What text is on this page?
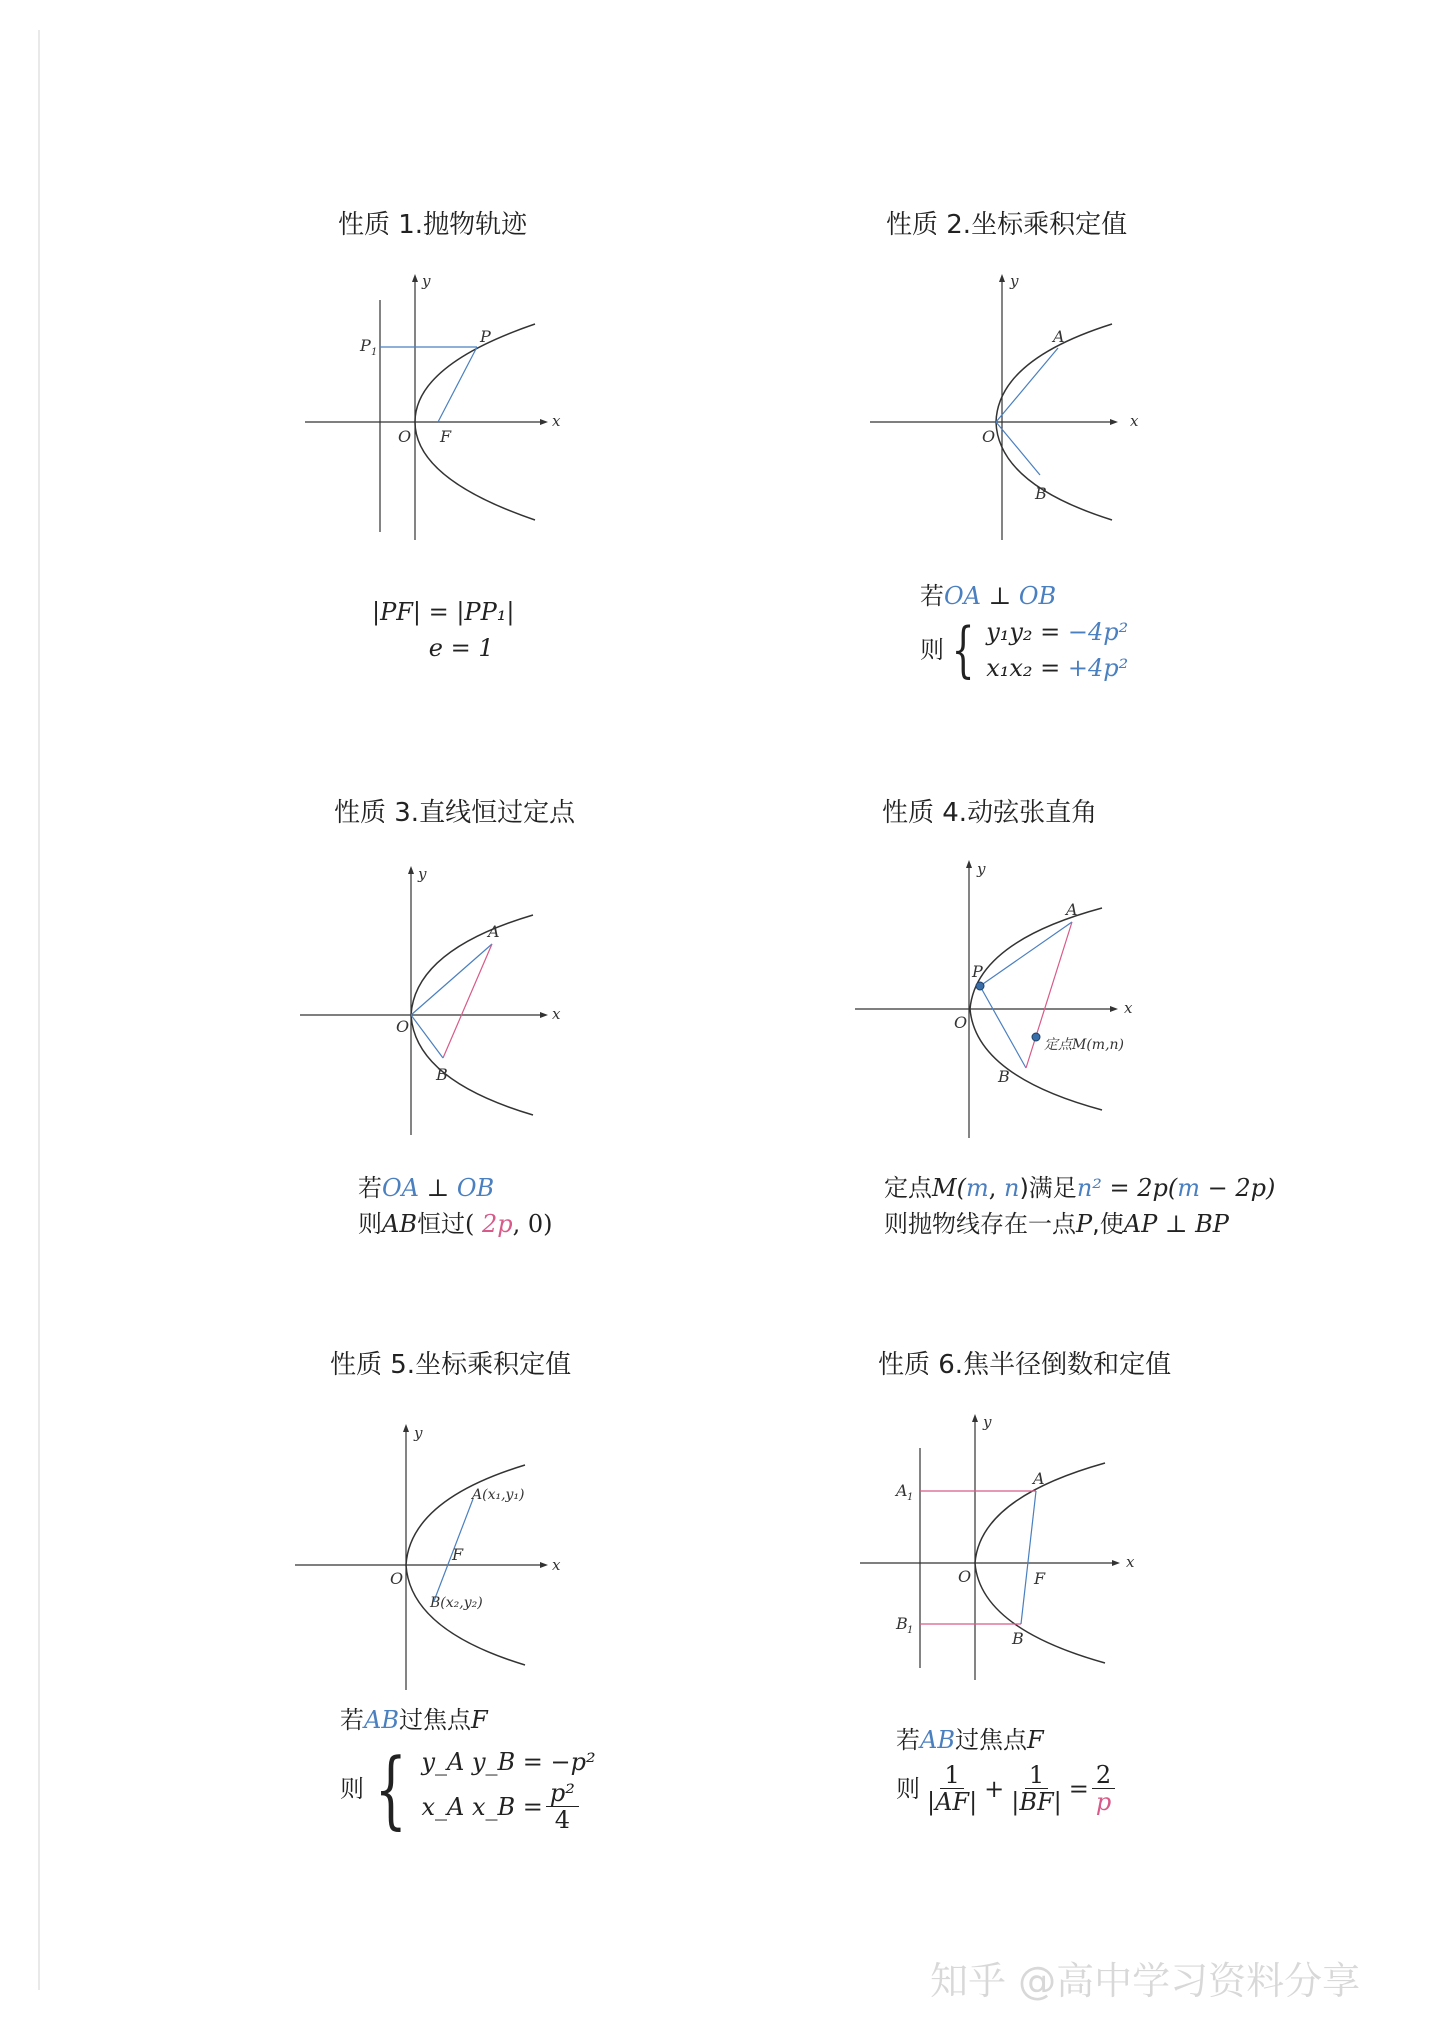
性质 1.抛物轨迹
x
y
O F
P
P 1
|PF| = |PP₁|
e = 1
性质 2.坐标乘积定值
x
y
O
A
B
若OA ⊥ OB
则 { y₁y₂ = −4p²
x₁x₂ = +4p²
性质 3.直线恒过定点
x
y
O
A
B
若OA ⊥ OB
则AB恒过( 2p, 0)
性质 4.动弦张直角
x
y
O
P
A
B
定点M(m,n)
定点M(m, n)满足n² = 2p(m − 2p)
则抛物线存在一点P,使AP ⊥ BP
性质 5.坐标乘积定值
x
y
O
F
A(x₁,y₁)
B(x₂,y₂)
若AB过焦点F
则 { y_A y_B = −p²
x_A x_B = $\frac{\text{p²}}{4}$
性质 6.焦半径倒数和定值
x
y
O	F
A
B
A 1
B 1
若AB过焦点F
则 $\frac{1}{|AF|} + \frac{1}{|BF|} = \frac{2}{p}$
知乎 @高中学习资料分享
